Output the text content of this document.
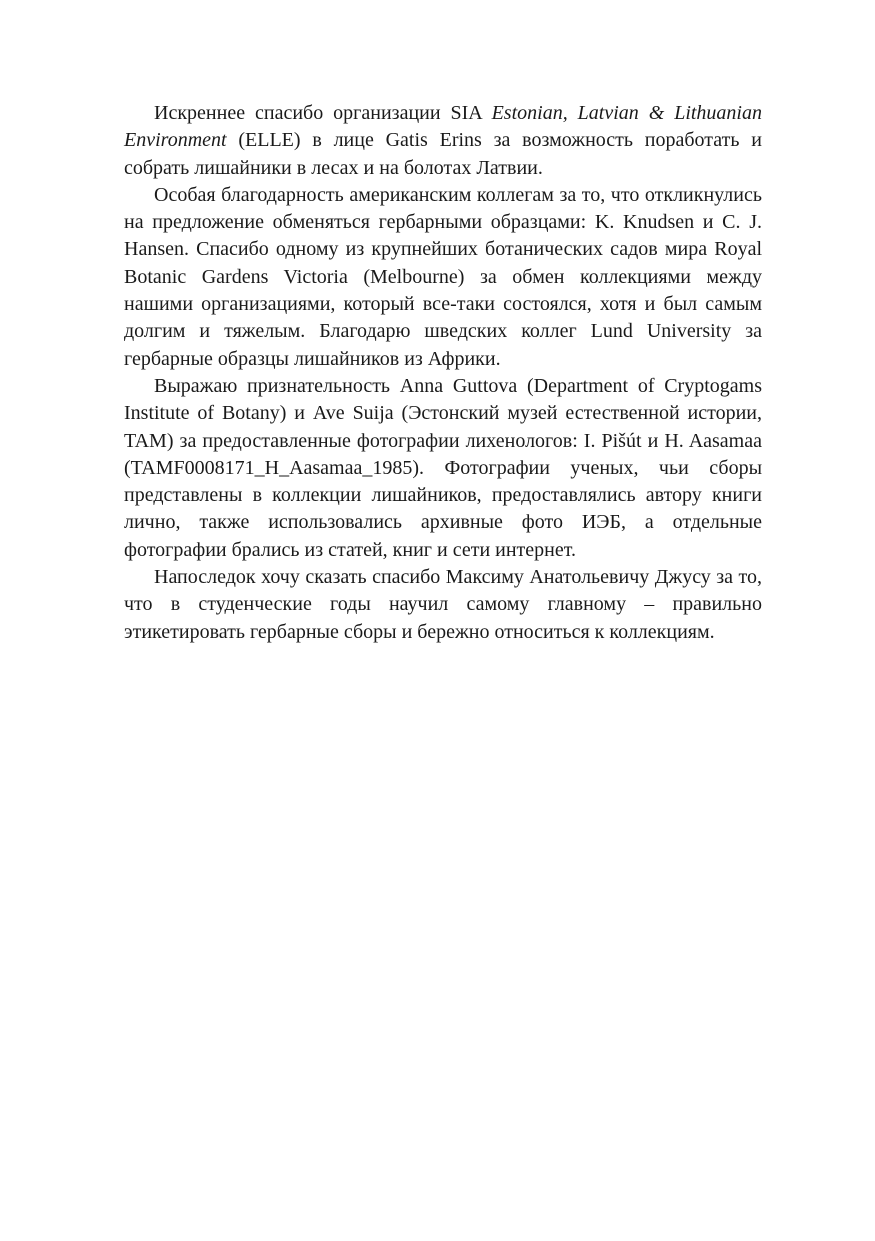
Искреннее спасибо организации SIA Estonian, Latvian & Lithuanian Environment (ELLE) в лице Gatis Erins за возможность поработать и собрать лишайники в лесах и на болотах Латвии.

Особая благодарность американским коллегам за то, что откликнулись на предложение обменяться гербарными образцами: K. Knudsen и C. J. Hansen. Спасибо одному из крупнейших ботанических садов мира Royal Botanic Gardens Victoria (Melbourne) за обмен коллекциями между нашими организациями, который все-таки состоялся, хотя и был самым долгим и тяжелым. Благодарю шведских коллег Lund University за гербарные образцы лишайников из Африки.

Выражаю признательность Anna Guttova (Department of Cryptogams Institute of Botany) и Ave Suija (Эстонский музей естественной истории, TAM) за предоставленные фотографии лихенологов: I. Pišút и H. Aasamaa (TAMF0008171_H_Aasamaa_1985). Фотографии ученых, чьи сборы представлены в коллекции лишайников, предоставлялись автору книги лично, также использовались архивные фото ИЭБ, а отдельные фотографии брались из статей, книг и сети интернет.

Напоследок хочу сказать спасибо Максиму Анатольевичу Джусу за то, что в студенческие годы научил самому главному – правильно этикетировать гербарные сборы и бережно относиться к коллекциям.
